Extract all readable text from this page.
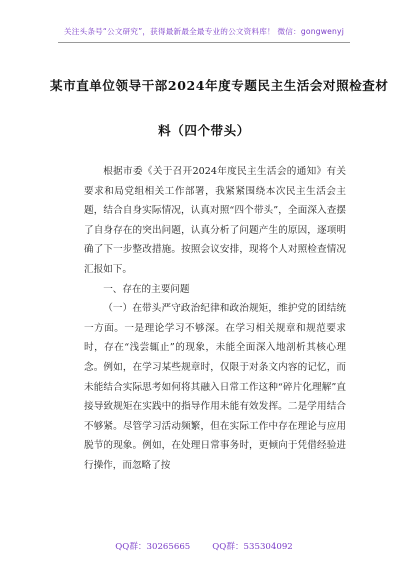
关注头条号“公文研究”，获得最新最全最专业的公文资料库！ 微信：gongwenyj
某市直单位领导干部2024年度专题民主生活会对照检查材
料（四个带头）

根据市委《关于召开2024年度民主生活会的通知》有关要求和局党组相关工作部署，我紧紧围绕本次民主生活会主题，结合自身实际情况，认真对照“四个带头”，全面深入查摆了自身存在的突出问题，认真分析了问题产生的原因，逐项明确了下一步整改措施。按照会议安排，现将个人对照检查情况汇报如下。

一、存在的主要问题

（一）在带头严守政治纪律和政治规矩，维护党的团结统一方面。一是理论学习不够深。在学习相关规章和规范要求时，存在“浅尝辄止”的现象，未能全面深入地剖析其核心理念。例如，在学习某些规章时，仅限于对条文内容的记忆，而未能结合实际思考如何将其融入日常工作这种“碎片化理解”直接导致规矩在实践中的指导作用未能有效发挥。二是学用结合不够紧。尽管学习活动频繁，但在实际工作中存在理论与应用脱节的现象。例如，在处理日常事务时，更倾向于凭借经验进行操作，而忽略了按

QQ群：30265665	QQ群：535304092
